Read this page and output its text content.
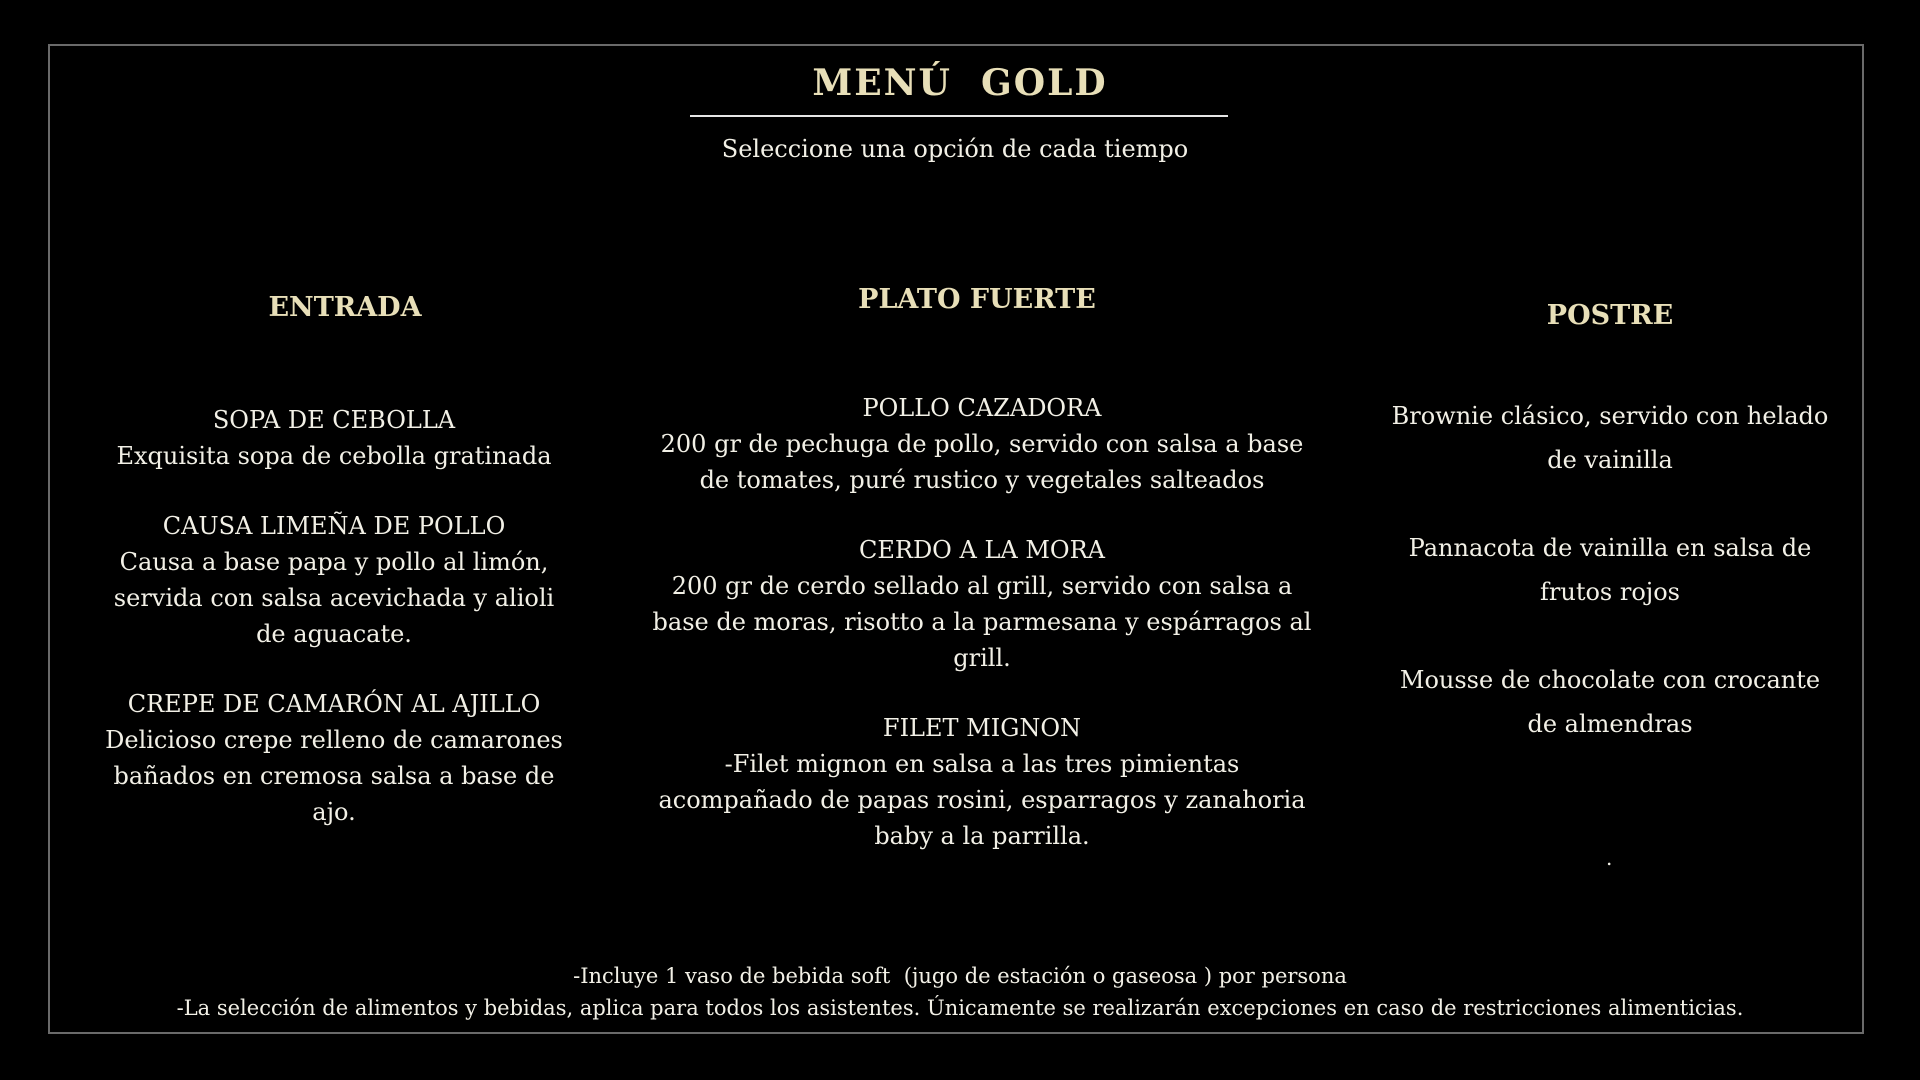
MENÚ  GOLD
Seleccione una opción de cada tiempo
ENTRADA
SOPA DE CEBOLLA
Exquisita sopa de cebolla gratinada
CAUSA LIMEÑA DE POLLO
Causa a base papa y pollo al limón, servida con salsa acevichada y alioli de aguacate.
CREPE DE CAMARÓN AL AJILLO
Delicioso crepe relleno de camarones bañados en cremosa salsa a base de ajo.
PLATO FUERTE
POLLO CAZADORA
200 gr de pechuga de pollo, servido con salsa a base de tomates, puré rustico y vegetales salteados
CERDO A LA MORA
200 gr de cerdo sellado al grill, servido con salsa a base de moras, risotto a la parmesana y espárragos al grill.
FILET MIGNON
-Filet mignon en salsa a las tres pimientas acompañado de papas rosini, esparragos y zanahoria baby a la parrilla.
POSTRE
Brownie clásico, servido con helado de vainilla
Pannacota de vainilla en salsa de frutos rojos
Mousse de chocolate con crocante de almendras
.
-Incluye 1 vaso de bebida soft  (jugo de estación o gaseosa ) por persona
-La selección de alimentos y bebidas, aplica para todos los asistentes. Únicamente se realizarán excepciones en caso de restricciones alimenticias.
